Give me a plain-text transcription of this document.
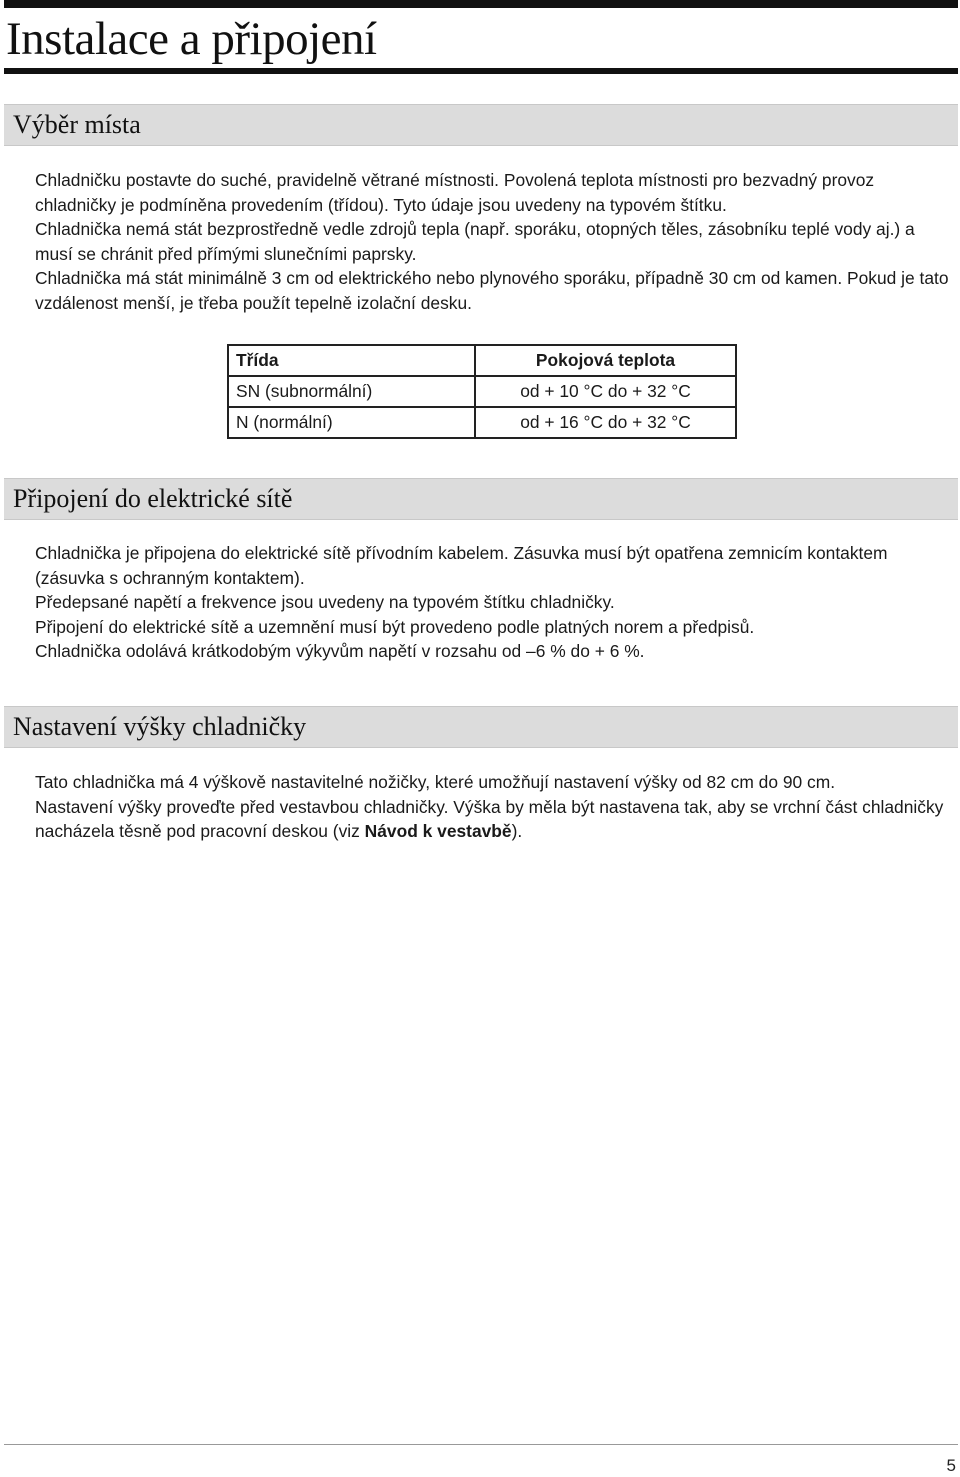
Instalace a připojení
Výběr místa

Chladničku postavte do suché, pravidelně větrané místnosti. Povolená teplota místnosti pro bezvadný provoz chladničky je podmíněna provedením (třídou). Tyto údaje jsou uvedeny na typovém štítku.

Chladnička nemá stát bezprostředně vedle zdrojů tepla (např. sporáku, otopných těles, zásobníku teplé vody aj.) a musí se chránit před přímými slunečními paprsky.

Chladnička má stát minimálně 3 cm od elektrického nebo plynového sporáku, případně 30 cm od kamen. Pokud je tato vzdálenost menší, je třeba použít tepelně izolační desku.

Třída	Pokojová teplota
SN (subnormální)	od + 10 °C do + 32 °C
N (normální)	od + 16 °C do + 32 °C
Připojení do elektrické sítě

Chladnička je připojena do elektrické sítě přívodním kabelem. Zásuvka musí být opatřena zemnicím kontaktem (zásuvka s ochranným kontaktem).

Předepsané napětí a frekvence jsou uvedeny na typovém štítku chladničky.

Připojení do elektrické sítě a uzemnění musí být provedeno podle platných norem a předpisů.

Chladnička odolává krátkodobým výkyvům napětí v rozsahu od –6 % do + 6 %.

Nastavení výšky chladničky

Tato chladnička má 4 výškově nastavitelné nožičky, které umožňují nastavení výšky od 82 cm do 90 cm.

Nastavení výšky proveďte před vestavbou chladničky. Výška by měla být nastavena tak, aby se vrchní část chladničky nacházela těsně pod pracovní deskou (viz Návod k vestavbě).

5
